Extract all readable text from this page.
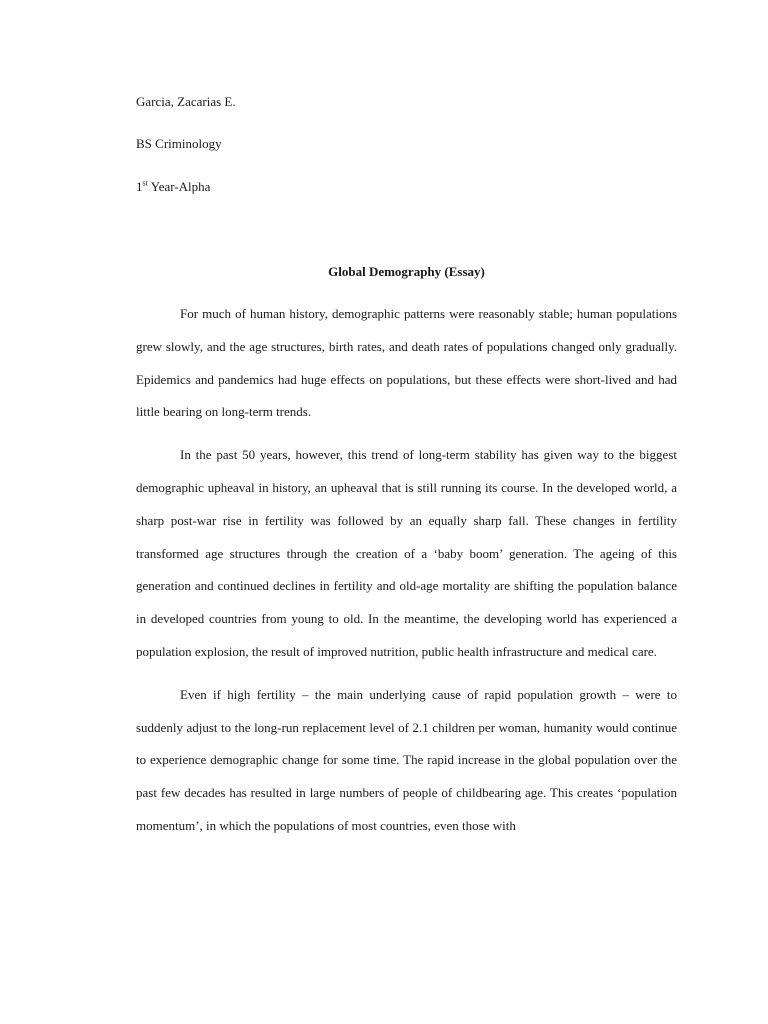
Garcia, Zacarias E.
BS Criminology
1st Year-Alpha
Global Demography (Essay)

For much of human history, demographic patterns were reasonably stable; human populations grew slowly, and the age structures, birth rates, and death rates of populations changed only gradually. Epidemics and pandemics had huge effects on populations, but these effects were short-lived and had little bearing on long-term trends.

In the past 50 years, however, this trend of long-term stability has given way to the biggest demographic upheaval in history, an upheaval that is still running its course. In the developed world, a sharp post-war rise in fertility was followed by an equally sharp fall. These changes in fertility transformed age structures through the creation of a ‘baby boom’ generation. The ageing of this generation and continued declines in fertility and old-age mortality are shifting the population balance in developed countries from young to old. In the meantime, the developing world has experienced a population explosion, the result of improved nutrition, public health infrastructure and medical care.

Even if high fertility – the main underlying cause of rapid population growth – were to suddenly adjust to the long-run replacement level of 2.1 children per woman, humanity would continue to experience demographic change for some time. The rapid increase in the global population over the past few decades has resulted in large numbers of people of childbearing age. This creates ‘population momentum’, in which the populations of most countries, even those with
